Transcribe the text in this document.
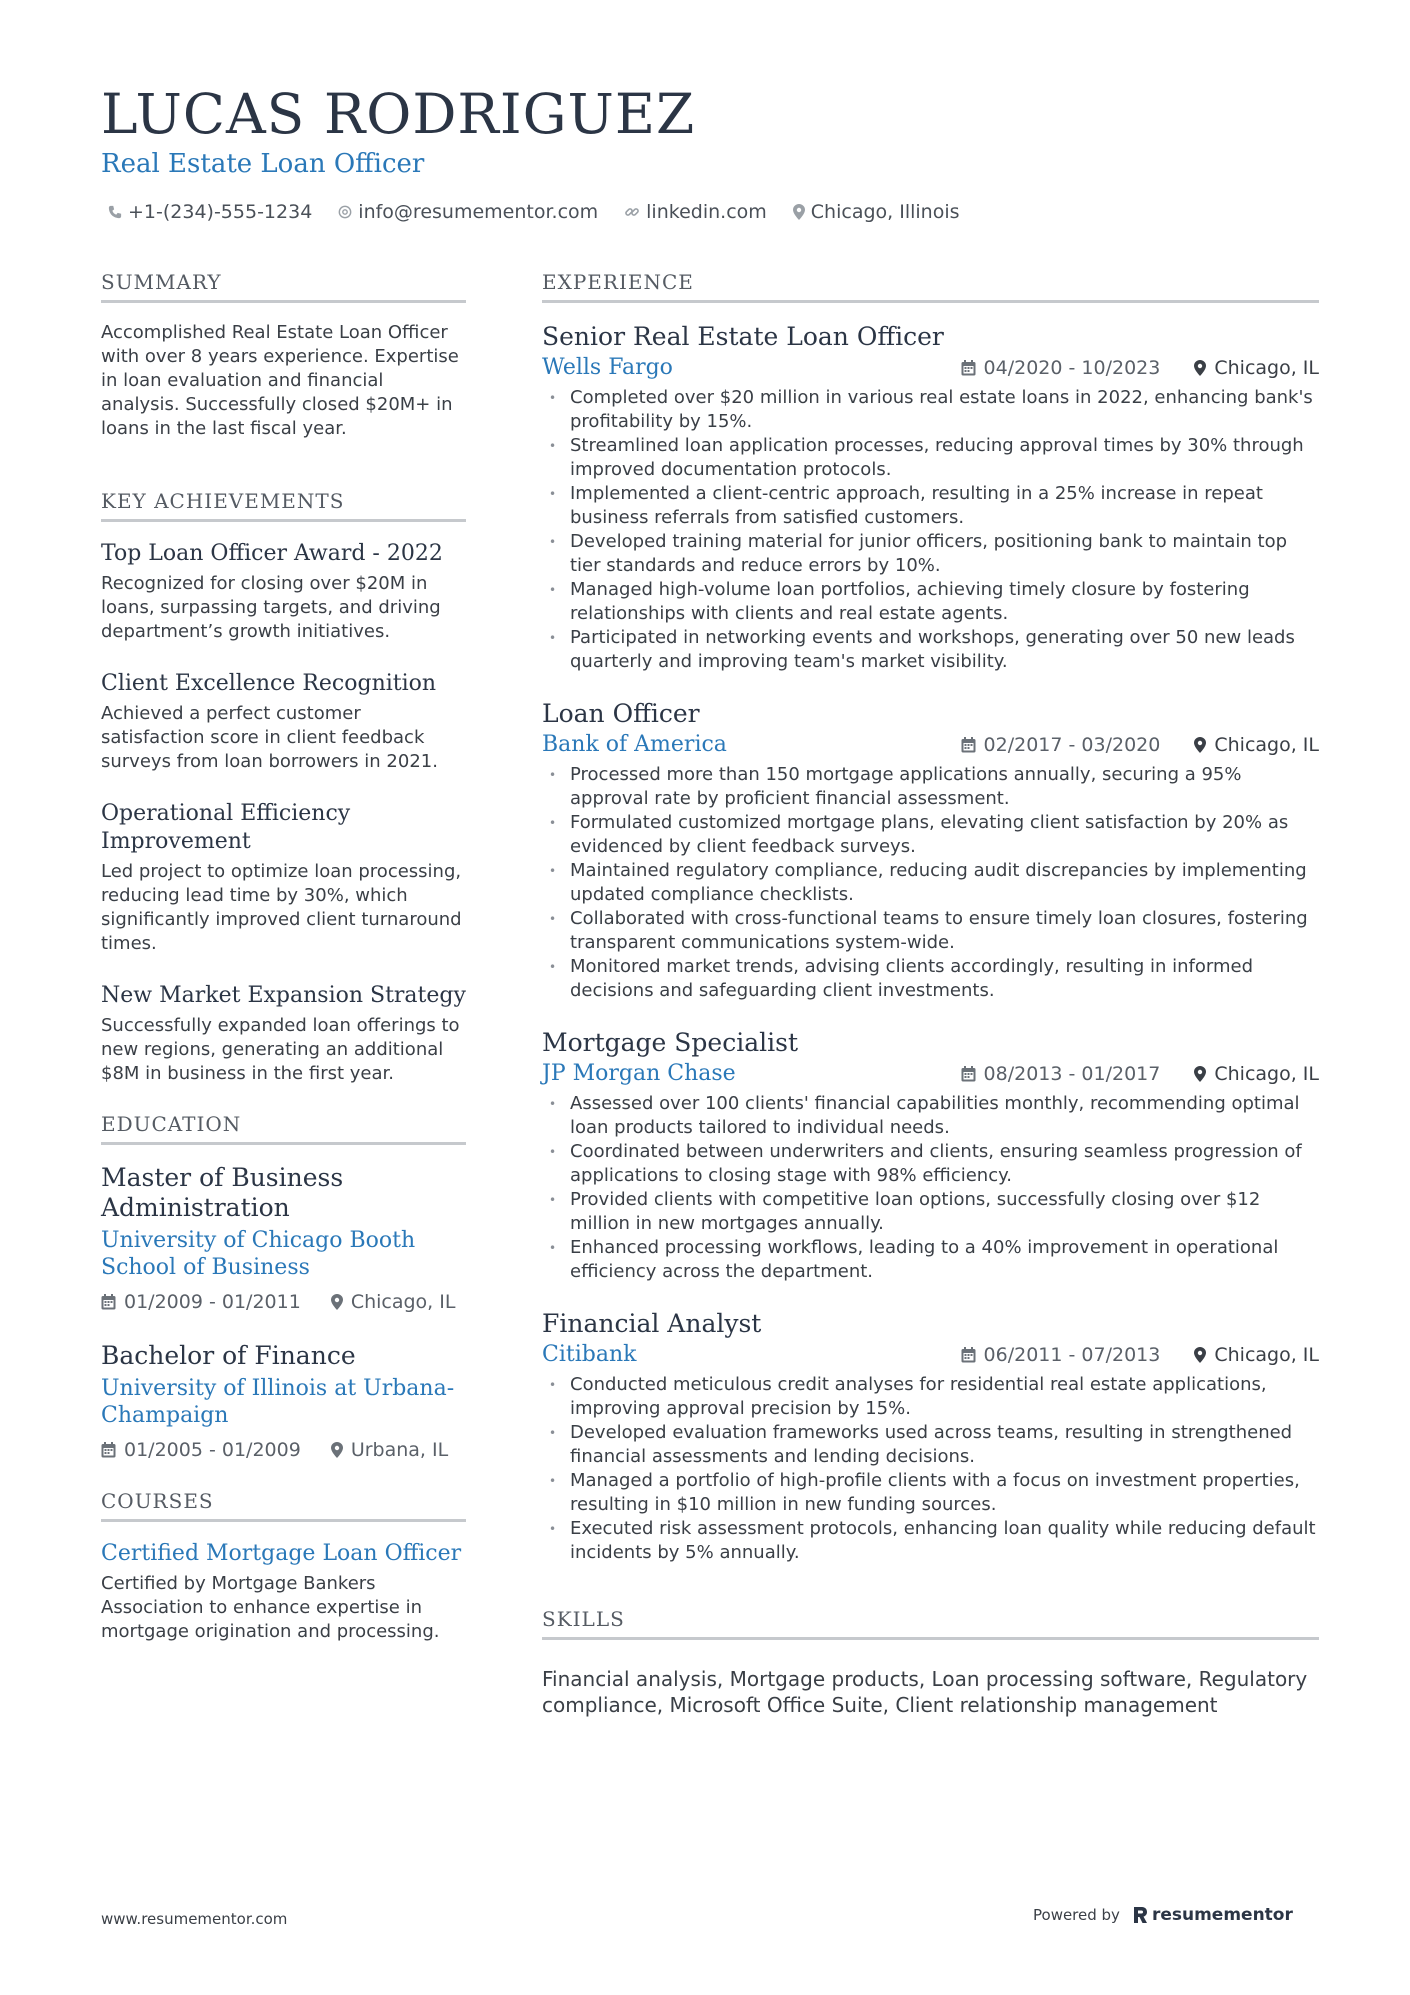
LUCAS RODRIGUEZ
Real Estate Loan Officer
+1-(234)-555-1234 info@resumementor.com	linkedin.com Chicago, Illinois
SUMMARY
Accomplished Real Estate Loan Officer with over 8 years experience. Expertise in loan evaluation and financial analysis. Successfully closed $20M+ in loans in the last fiscal year.
KEY ACHIEVEMENTS
Top Loan Officer Award - 2022
Recognized for closing over $20M in loans, surpassing targets, and driving department’s growth initiatives.
Client Excellence Recognition
Achieved a perfect customer satisfaction score in client feedback surveys from loan borrowers in 2021.
Operational Efficiency Improvement
Led project to optimize loan processing, reducing lead time by 30%, which significantly improved client turnaround times.
New Market Expansion Strategy
Successfully expanded loan offerings to new regions, generating an additional $8M in business in the first year.
EDUCATION
Master of Business Administration
University of Chicago Booth School of Business
01/2009 - 01/2011	Chicago, IL
Bachelor of Finance
University of Illinois at Urbana-Champaign
01/2005 - 01/2009	Urbana, IL
COURSES
Certified Mortgage Loan Officer
Certified by Mortgage Bankers Association to enhance expertise in mortgage origination and processing.
EXPERIENCE
Senior Real Estate Loan Officer
Wells Fargo	04/2020 - 10/2023	Chicago, IL
• Completed over $20 million in various real estate loans in 2022, enhancing bank's profitability by 15%.
• Streamlined loan application processes, reducing approval times by 30% through improved documentation protocols.
• Implemented a client-centric approach, resulting in a 25% increase in repeat business referrals from satisfied customers.
• Developed training material for junior officers, positioning bank to maintain top tier standards and reduce errors by 10%.
• Managed high-volume loan portfolios, achieving timely closure by fostering relationships with clients and real estate agents.
• Participated in networking events and workshops, generating over 50 new leads quarterly and improving team's market visibility.
Loan Officer
Bank of America	02/2017 - 03/2020	Chicago, IL
• Processed more than 150 mortgage applications annually, securing a 95% approval rate by proficient financial assessment.
• Formulated customized mortgage plans, elevating client satisfaction by 20% as evidenced by client feedback surveys.
• Maintained regulatory compliance, reducing audit discrepancies by implementing updated compliance checklists.
• Collaborated with cross-functional teams to ensure timely loan closures, fostering transparent communications system-wide.
• Monitored market trends, advising clients accordingly, resulting in informed decisions and safeguarding client investments.
Mortgage Specialist
JP Morgan Chase	08/2013 - 01/2017	Chicago, IL
• Assessed over 100 clients' financial capabilities monthly, recommending optimal loan products tailored to individual needs.
• Coordinated between underwriters and clients, ensuring seamless progression of applications to closing stage with 98% efficiency.
• Provided clients with competitive loan options, successfully closing over $12 million in new mortgages annually.
• Enhanced processing workflows, leading to a 40% improvement in operational efficiency across the department.
Financial Analyst
Citibank	06/2011 - 07/2013	Chicago, IL
• Conducted meticulous credit analyses for residential real estate applications, improving approval precision by 15%.
• Developed evaluation frameworks used across teams, resulting in strengthened financial assessments and lending decisions.
• Managed a portfolio of high-profile clients with a focus on investment properties, resulting in $10 million in new funding sources.
• Executed risk assessment protocols, enhancing loan quality while reducing default incidents by 5% annually.
SKILLS
Financial analysis, Mortgage products, Loan processing software, Regulatory compliance, Microsoft Office Suite, Client relationship management
www.resumementor.com	Powered by resumementor
